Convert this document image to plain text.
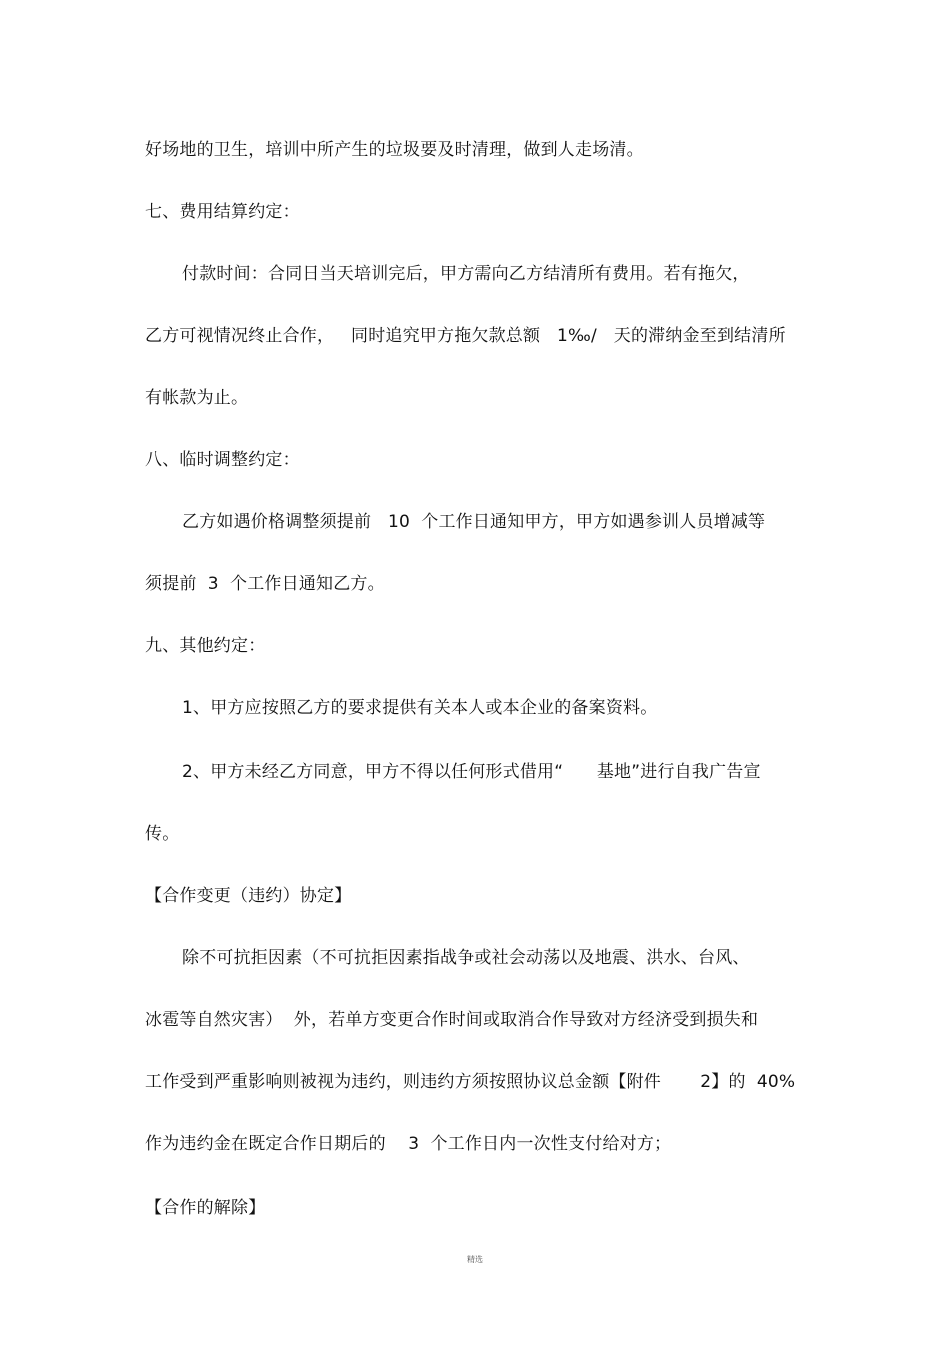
好场地的卫生，培训中所产生的垃圾要及时清理，做到人走场清。
七、费用结算约定：
付款时间：合同日当天培训完后，甲方需向乙方结清所有费用。若有拖欠，
乙方可视情况终止合作，   同时追究甲方拖欠款总额   1‰/   天的滞纳金至到结清所
有帐款为止。
八、临时调整约定：
乙方如遇价格调整须提前   10  个工作日通知甲方，甲方如遇参训人员增减等
须提前  3  个工作日通知乙方。
九、其他约定：
1、甲方应按照乙方的要求提供有关本人或本企业的备案资料。
2、甲方未经乙方同意，甲方不得以任何形式借用“      基地”进行自我广告宣
传。
【合作变更（违约）协定】
除不可抗拒因素（不可抗拒因素指战争或社会动荡以及地震、洪水、台风、
冰雹等自然灾害）  外，若单方变更合作时间或取消合作导致对方经济受到损失和
工作受到严重影响则被视为违约，则违约方须按照协议总金额【附件       2】的  40%
作为违约金在既定合作日期后的    3  个工作日内一次性支付给对方；
【合作的解除】
精选
